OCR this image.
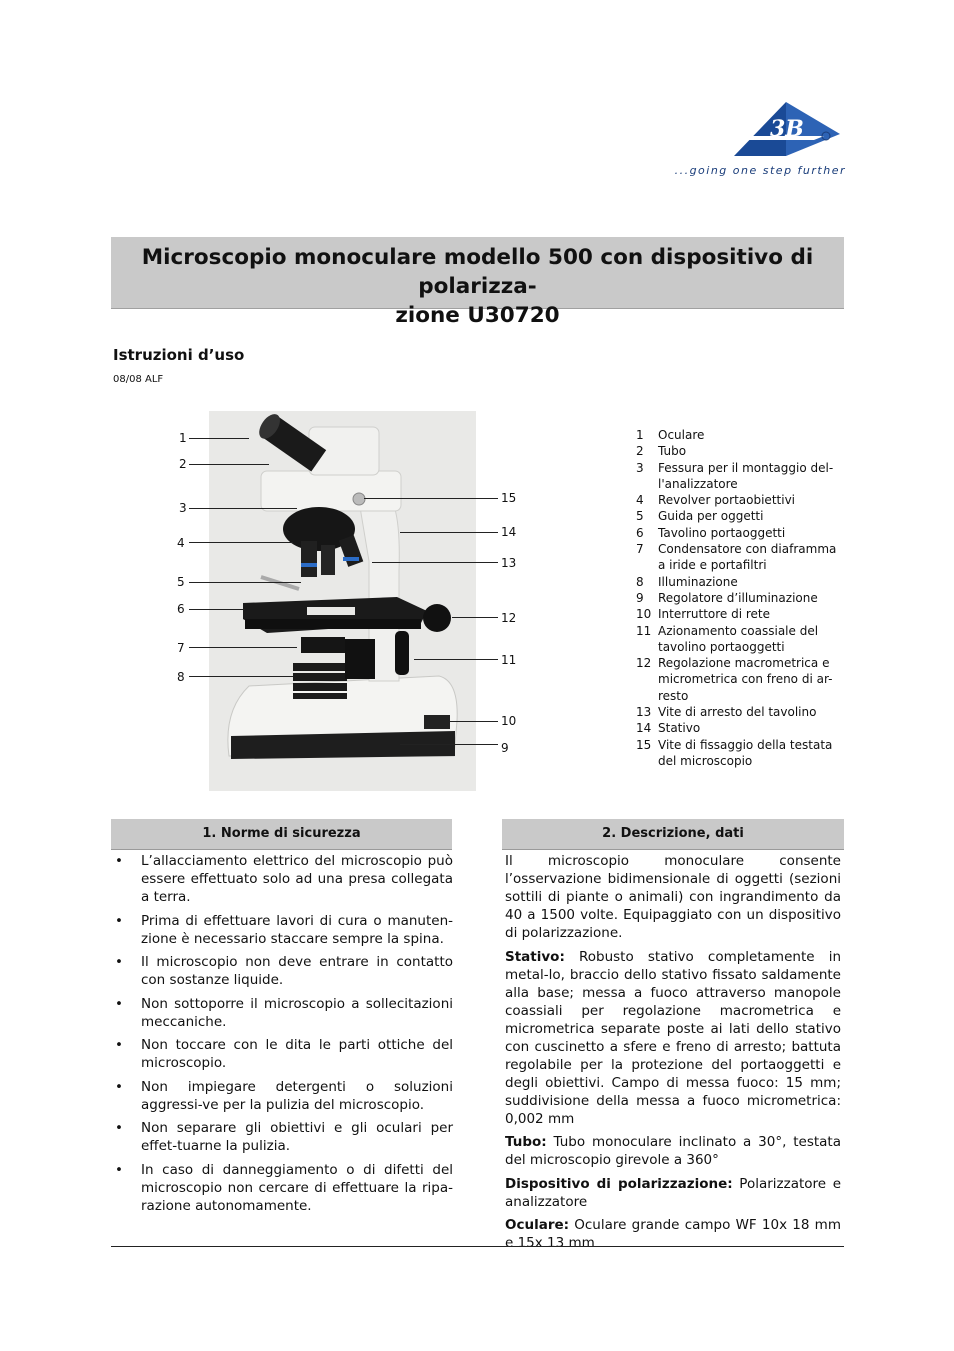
3B
...going one step further
Microscopio monoculare modello 500 con dispositivo di polarizza-
zione U30720
Istruzioni d’uso
08/08 ALF
1
2
3
4
5
6
7
8
15
14
13
12
11
10
9
1	Oculare
2	Tubo
3	Fessura per il montaggio del-
l'analizzatore
4	Revolver portaobiettivi
5	Guida per oggetti
6	Tavolino portaoggetti
7	Condensatore con diaframma a iride e portafiltri
8	Illuminazione
9	Regolatore d’illuminazione
10 Interruttore di rete
11 Azionamento coassiale del tavolino portaoggetti
12 Regolazione macrometrica e micrometrica con freno di ar-resto
13 Vite di arresto del tavolino
14 Stativo
15 Vite di fissaggio della testata del microscopio
1. Norme di sicurezza
• L’allacciamento elettrico del microscopio può essere effettuato solo ad una presa collegata a terra.
• Prima di effettuare lavori di cura o manuten-zione è necessario staccare sempre la spina.
• Il microscopio non deve entrare in contatto con sostanze liquide.
• Non sottoporre il microscopio a sollecitazioni meccaniche.
• Non toccare con le dita le parti ottiche del microscopio.
• Non impiegare detergenti o soluzioni aggressi-ve per la pulizia del microscopio.
• Non separare gli obiettivi e gli oculari per effet-tuarne la pulizia.
• In caso di danneggiamento o di difetti del microscopio non cercare di effettuare la ripa-razione autonomamente.
2. Descrizione, dati

Il microscopio monoculare consente l’osservazione bidimensionale di oggetti (sezioni sottili di piante o animali) con ingrandimento da 40 a 1500 volte. Equipaggiato con un dispositivo di polarizzazione.

Stativo: Robusto stativo completamente in metal-lo, braccio dello stativo fissato saldamente alla base; messa a fuoco attraverso manopole coassiali per regolazione macrometrica e micrometrica separate poste ai lati dello stativo con cuscinetto a sfere e freno di arresto; battuta regolabile per la protezione del portaoggetti e degli obiettivi. Campo di messa fuoco: 15 mm; suddivisione della messa a fuoco micrometrica: 0,002 mm

Tubo: Tubo monoculare inclinato a 30°, testata del microscopio girevole a 360°

Dispositivo di polarizzazione: Polarizzatore e analizzatore

Oculare: Oculare grande campo WF 10x 18 mm e 15x 13 mm
